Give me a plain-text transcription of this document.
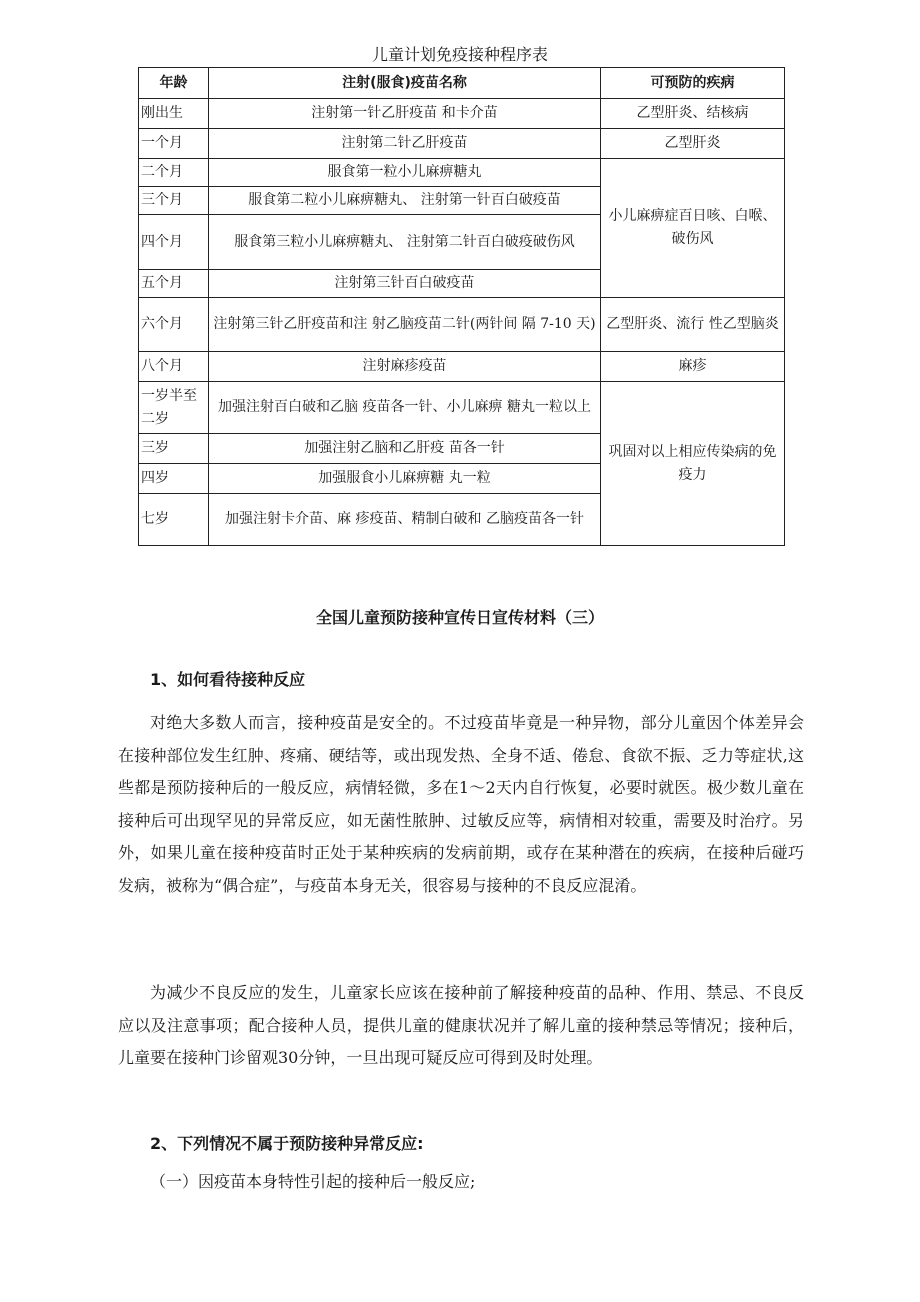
儿童计划免疫接种程序表
年龄	注射(服食)疫苗名称	可预防的疾病
刚出生	注射第一针乙肝疫苗 和卡介苗	乙型肝炎、结核病
一个月	注射第二针乙肝疫苗	乙型肝炎
二个月	服食第一粒小儿麻痹糖丸	小儿麻痹症百日咳、白喉、破伤风
三个月	服食第二粒小儿麻痹糖丸、 注射第一针百白破疫苗	
四个月	服食第三粒小儿麻痹糖丸、 注射第二针百白破疫破伤风	
五个月	注射第三针百白破疫苗	
六个月	注射第三针乙肝疫苗和注 射乙脑疫苗二针(两针间 隔 7-10 天)	乙型肝炎、流行 性乙型脑炎
八个月	注射麻疹疫苗	麻疹
一岁半至二岁	加强注射百白破和乙脑 疫苗各一针、小儿麻痹 糖丸一粒以上	巩固对以上相应传染病的免疫力
三岁	加强注射乙脑和乙肝疫 苗各一针	
四岁	加强服食小儿麻痹糖 丸一粒	
七岁	加强注射卡介苗、麻 疹疫苗、精制白破和 乙脑疫苗各一针	
全国儿童预防接种宣传日宣传材料（三）
1、如何看待接种反应

对绝大多数人而言，接种疫苗是安全的。不过疫苗毕竟是一种异物，部分儿童因个体差异会在接种部位发生红肿、疼痛、硬结等，或出现发热、全身不适、倦怠、食欲不振、乏力等症状,这些都是预防接种后的一般反应，病情轻微，多在1～2天内自行恢复，必要时就医。极少数儿童在接种后可出现罕见的异常反应，如无菌性脓肿、过敏反应等，病情相对较重，需要及时治疗。另外，如果儿童在接种疫苗时正处于某种疾病的发病前期，或存在某种潜在的疾病，在接种后碰巧发病，被称为“偶合症”，与疫苗本身无关，很容易与接种的不良反应混淆。

为减少不良反应的发生，儿童家长应该在接种前了解接种疫苗的品种、作用、禁忌、不良反应以及注意事项；配合接种人员，提供儿童的健康状况并了解儿童的接种禁忌等情况；接种后，儿童要在接种门诊留观30分钟，一旦出现可疑反应可得到及时处理。

2、下列情况不属于预防接种异常反应:

（一）因疫苗本身特性引起的接种后一般反应;
